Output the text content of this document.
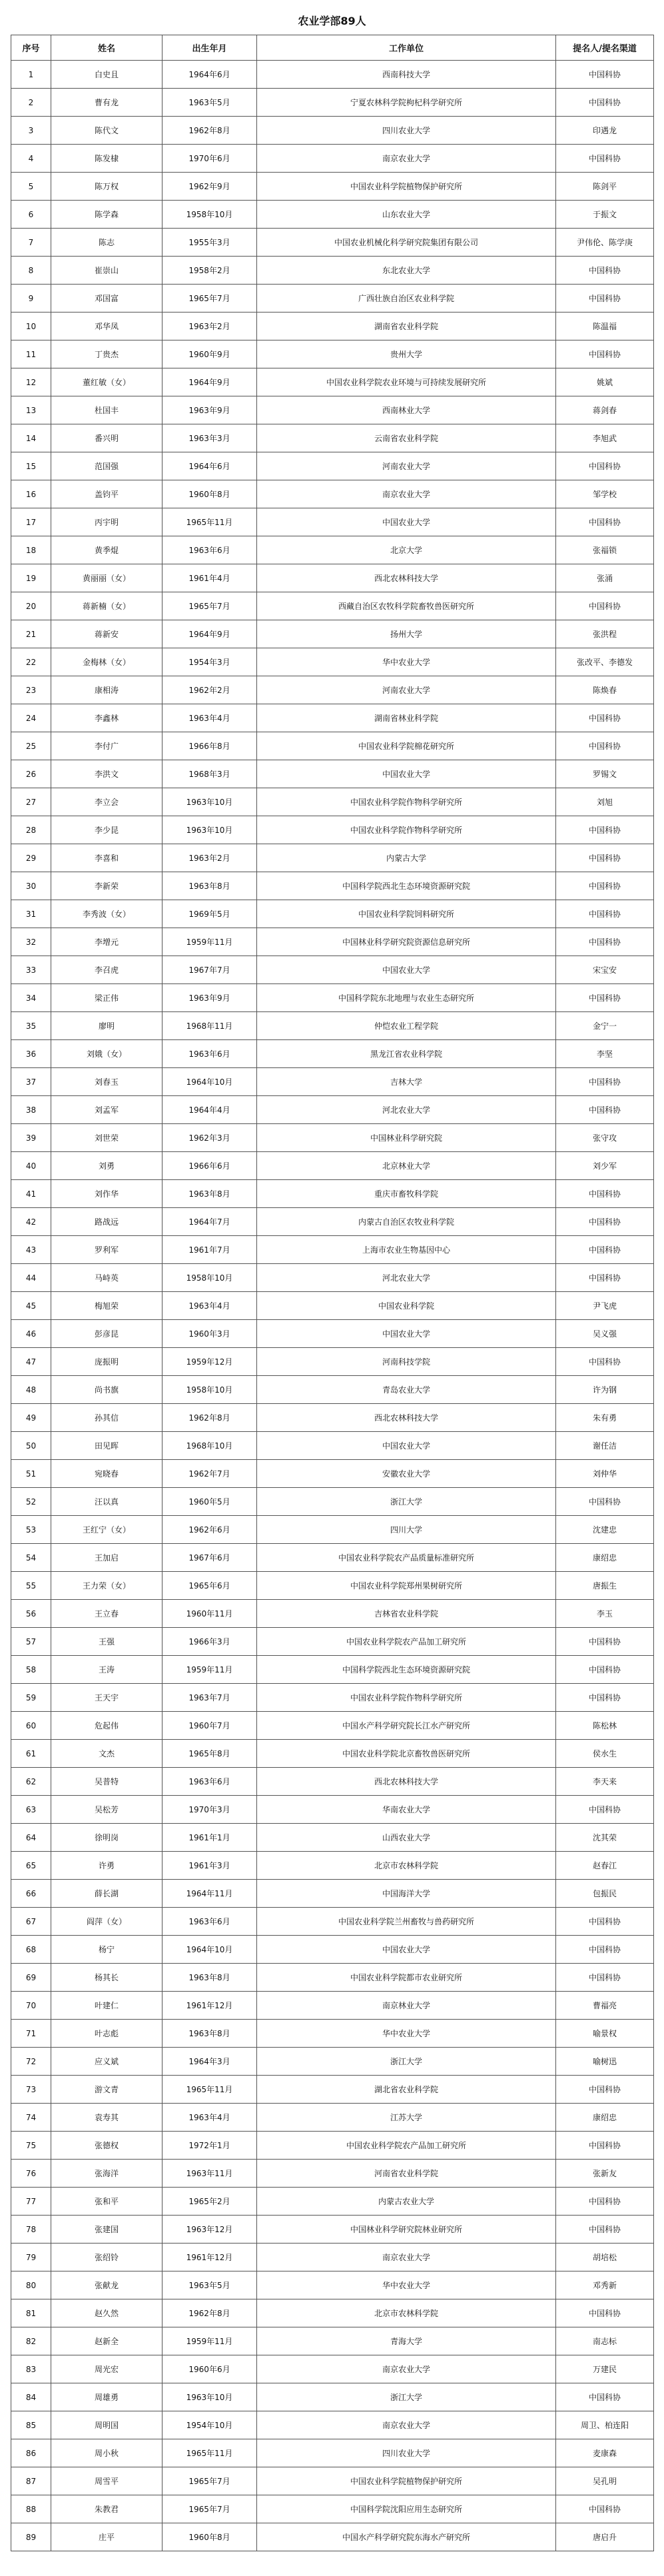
农业学部89人
序号	姓名	出生年月	工作单位	提名人/提名渠道
1	白史且	1964年6月	西南科技大学	中国科协
2	曹有龙	1963年5月	宁夏农林科学院枸杞科学研究所	中国科协
3	陈代文	1962年8月	四川农业大学	印遇龙
4	陈发棣	1970年6月	南京农业大学	中国科协
5	陈万权	1962年9月	中国农业科学院植物保护研究所	陈剑平
6	陈学森	1958年10月	山东农业大学	于振文
7	陈志	1955年3月	中国农业机械化科学研究院集团有限公司	尹伟伦、陈学庚
8	崔崇山	1958年2月	东北农业大学	中国科协
9	邓国富	1965年7月	广西壮族自治区农业科学院	中国科协
10	邓华凤	1963年2月	湖南省农业科学院	陈温福
11	丁贵杰	1960年9月	贵州大学	中国科协
12	董红敏（女）	1964年9月	中国农业科学院农业环境与可持续发展研究所	姚斌
13	杜国丰	1963年9月	西南林业大学	蒋剑春
14	番兴明	1963年3月	云南省农业科学院	李旭武
15	范国强	1964年6月	河南农业大学	中国科协
16	盖钧平	1960年8月	南京农业大学	邹学校
17	丙宇明	1965年11月	中国农业大学	中国科协
18	黄季焜	1963年6月	北京大学	张福锁
19	黄丽丽（女）	1961年4月	西北农林科技大学	张涌
20	蒋新楠（女）	1965年7月	西藏自治区农牧科学院畜牧兽医研究所	中国科协
21	蒋新安	1964年9月	扬州大学	张洪程
22	金梅林（女）	1954年3月	华中农业大学	张改平、李德发
23	康相涛	1962年2月	河南农业大学	陈焕春
24	李鑫林	1963年4月	湖南省林业科学院	中国科协
25	李付广	1966年8月	中国农业科学院棉花研究所	中国科协
26	李洪文	1968年3月	中国农业大学	罗锡文
27	李立会	1963年10月	中国农业科学院作物科学研究所	刘旭
28	李少昆	1963年10月	中国农业科学院作物科学研究所	中国科协
29	李喜和	1963年2月	内蒙古大学	中国科协
30	李新荣	1963年8月	中国科学院西北生态环境资源研究院	中国科协
31	李秀波（女）	1969年5月	中国农业科学院饲料研究所	中国科协
32	李增元	1959年11月	中国林业科学研究院资源信息研究所	中国科协
33	李召虎	1967年7月	中国农业大学	宋宝安
34	梁正伟	1963年9月	中国科学院东北地理与农业生态研究所	中国科协
35	廖明	1968年11月	仲恺农业工程学院	金宁一
36	刘娥（女）	1963年6月	黑龙江省农业科学院	李坚
37	刘春玉	1964年10月	吉林大学	中国科协
38	刘孟军	1964年4月	河北农业大学	中国科协
39	刘世荣	1962年3月	中国林业科学研究院	张守攻
40	刘勇	1966年6月	北京林业大学	刘少军
41	刘作华	1963年8月	重庆市畜牧科学院	中国科协
42	路战远	1964年7月	内蒙古自治区农牧业科学院	中国科协
43	罗利军	1961年7月	上海市农业生物基因中心	中国科协
44	马峙英	1958年10月	河北农业大学	中国科协
45	梅旭荣	1963年4月	中国农业科学院	尹飞虎
46	彭彦昆	1960年3月	中国农业大学	吴义强
47	庞振明	1959年12月	河南科技学院	中国科协
48	尚书旗	1958年10月	青岛农业大学	许为钢
49	孙其信	1962年8月	西北农林科技大学	朱有勇
50	田见晖	1968年10月	中国农业大学	谢任洁
51	宛晓春	1962年7月	安徽农业大学	刘仲华
52	汪以真	1960年5月	浙江大学	中国科协
53	王红宁（女）	1962年6月	四川大学	沈建忠
54	王加启	1967年6月	中国农业科学院农产品质量标准研究所	康绍忠
55	王力荣（女）	1965年6月	中国农业科学院郑州果树研究所	唐振生
56	王立春	1960年11月	吉林省农业科学院	李玉
57	王强	1966年3月	中国农业科学院农产品加工研究所	中国科协
58	王涛	1959年11月	中国科学院西北生态环境资源研究院	中国科协
59	王天宇	1963年7月	中国农业科学院作物科学研究所	中国科协
60	危起伟	1960年7月	中国水产科学研究院长江水产研究所	陈松林
61	文杰	1965年8月	中国农业科学院北京畜牧兽医研究所	侯水生
62	吴普特	1963年6月	西北农林科技大学	李天来
63	吴松芳	1970年3月	华南农业大学	中国科协
64	徐明岗	1961年1月	山西农业大学	沈其荣
65	许勇	1961年3月	北京市农林科学院	赵春江
66	薛长湖	1964年11月	中国海洋大学	包振民
67	阎萍（女）	1963年6月	中国农业科学院兰州畜牧与兽药研究所	中国科协
68	杨宁	1964年10月	中国农业大学	中国科协
69	杨其长	1963年8月	中国农业科学院都市农业研究所	中国科协
70	叶建仁	1961年12月	南京林业大学	曹福亮
71	叶志彪	1963年8月	华中农业大学	喻景权
72	应义斌	1964年3月	浙江大学	喻树迅
73	游文青	1965年11月	湖北省农业科学院	中国科协
74	袁寿其	1963年4月	江苏大学	康绍忠
75	张德权	1972年1月	中国农业科学院农产品加工研究所	中国科协
76	张海洋	1963年11月	河南省农业科学院	张新友
77	张和平	1965年2月	内蒙古农业大学	中国科协
78	张建国	1963年12月	中国林业科学研究院林业研究所	中国科协
79	张绍铃	1961年12月	南京农业大学	胡培松
80	张献龙	1963年5月	华中农业大学	邓秀新
81	赵久然	1962年8月	北京市农林科学院	中国科协
82	赵新全	1959年11月	青海大学	南志标
83	周光宏	1960年6月	南京农业大学	万建民
84	周雄勇	1963年10月	浙江大学	中国科协
85	周明国	1954年10月	南京农业大学	周卫、柏连阳
86	周小秋	1965年11月	四川农业大学	麦康森
87	周雪平	1965年7月	中国农业科学院植物保护研究所	吴孔明
88	朱教君	1965年7月	中国科学院沈阳应用生态研究所	中国科协
89	庄平	1960年8月	中国水产科学研究院东海水产研究所	唐启升
